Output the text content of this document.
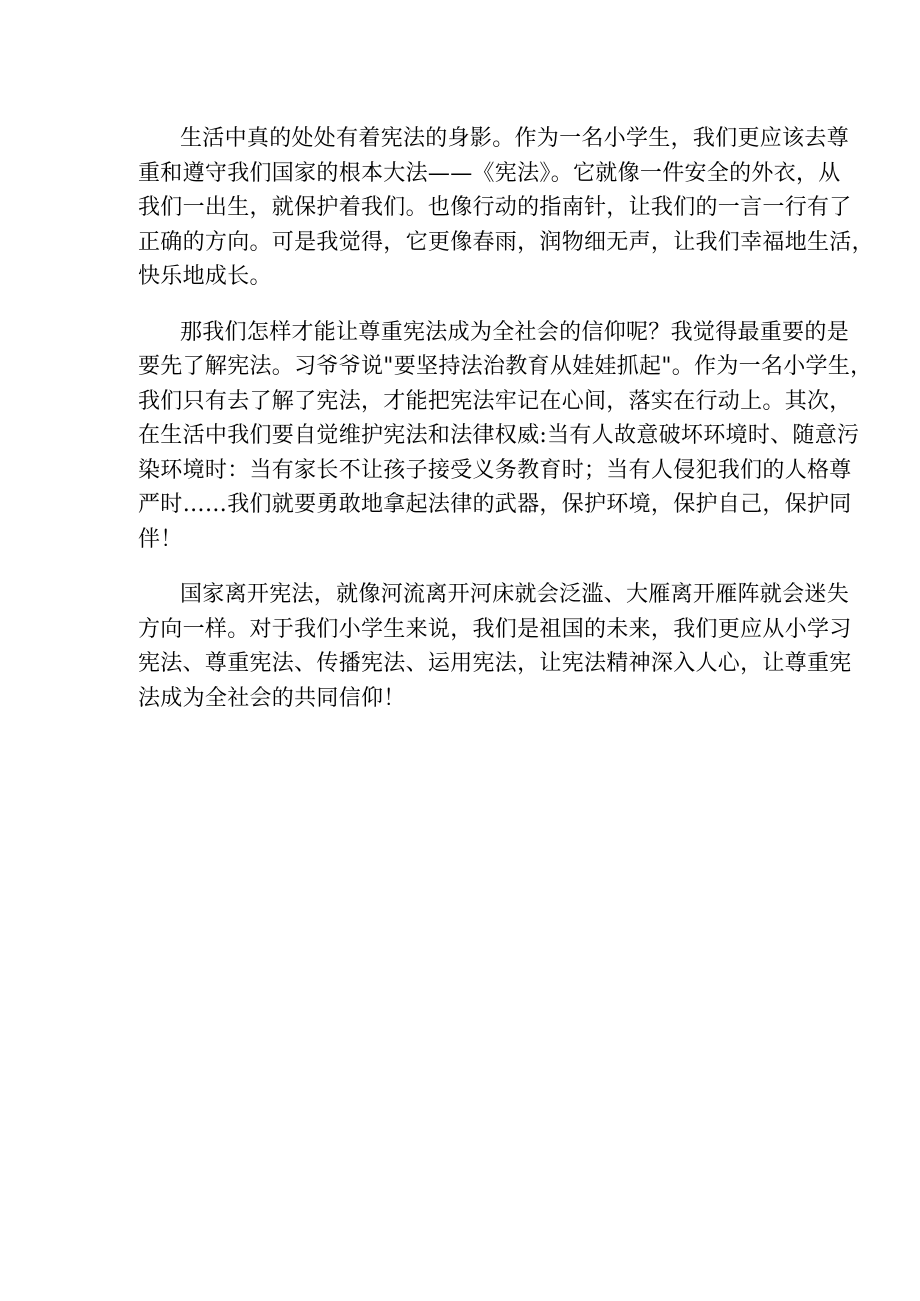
生活中真的处处有着宪法的身影。作为一名小学生，我们更应该去尊
重和遵守我们国家的根本大法——《宪法》。它就像一件安全的外衣，从
我们一出生，就保护着我们。也像行动的指南针，让我们的一言一行有了
正确的方向。可是我觉得，它更像春雨，润物细无声，让我们幸福地生活，
快乐地成长。
那我们怎样才能让尊重宪法成为全社会的信仰呢？我觉得最重要的是
要先了解宪法。习爷爷说"要坚持法治教育从娃娃抓起"。作为一名小学生，
我们只有去了解了宪法，才能把宪法牢记在心间，落实在行动上。其次，
在生活中我们要自觉维护宪法和法律权威:当有人故意破坏环境时、随意污
染环境时：当有家长不让孩子接受义务教育时；当有人侵犯我们的人格尊
严时……我们就要勇敢地拿起法律的武器，保护环境，保护自己，保护同
伴！
国家离开宪法，就像河流离开河床就会泛滥、大雁离开雁阵就会迷失
方向一样。对于我们小学生来说，我们是祖国的未来，我们更应从小学习
宪法、尊重宪法、传播宪法、运用宪法，让宪法精神深入人心，让尊重宪
法成为全社会的共同信仰！
